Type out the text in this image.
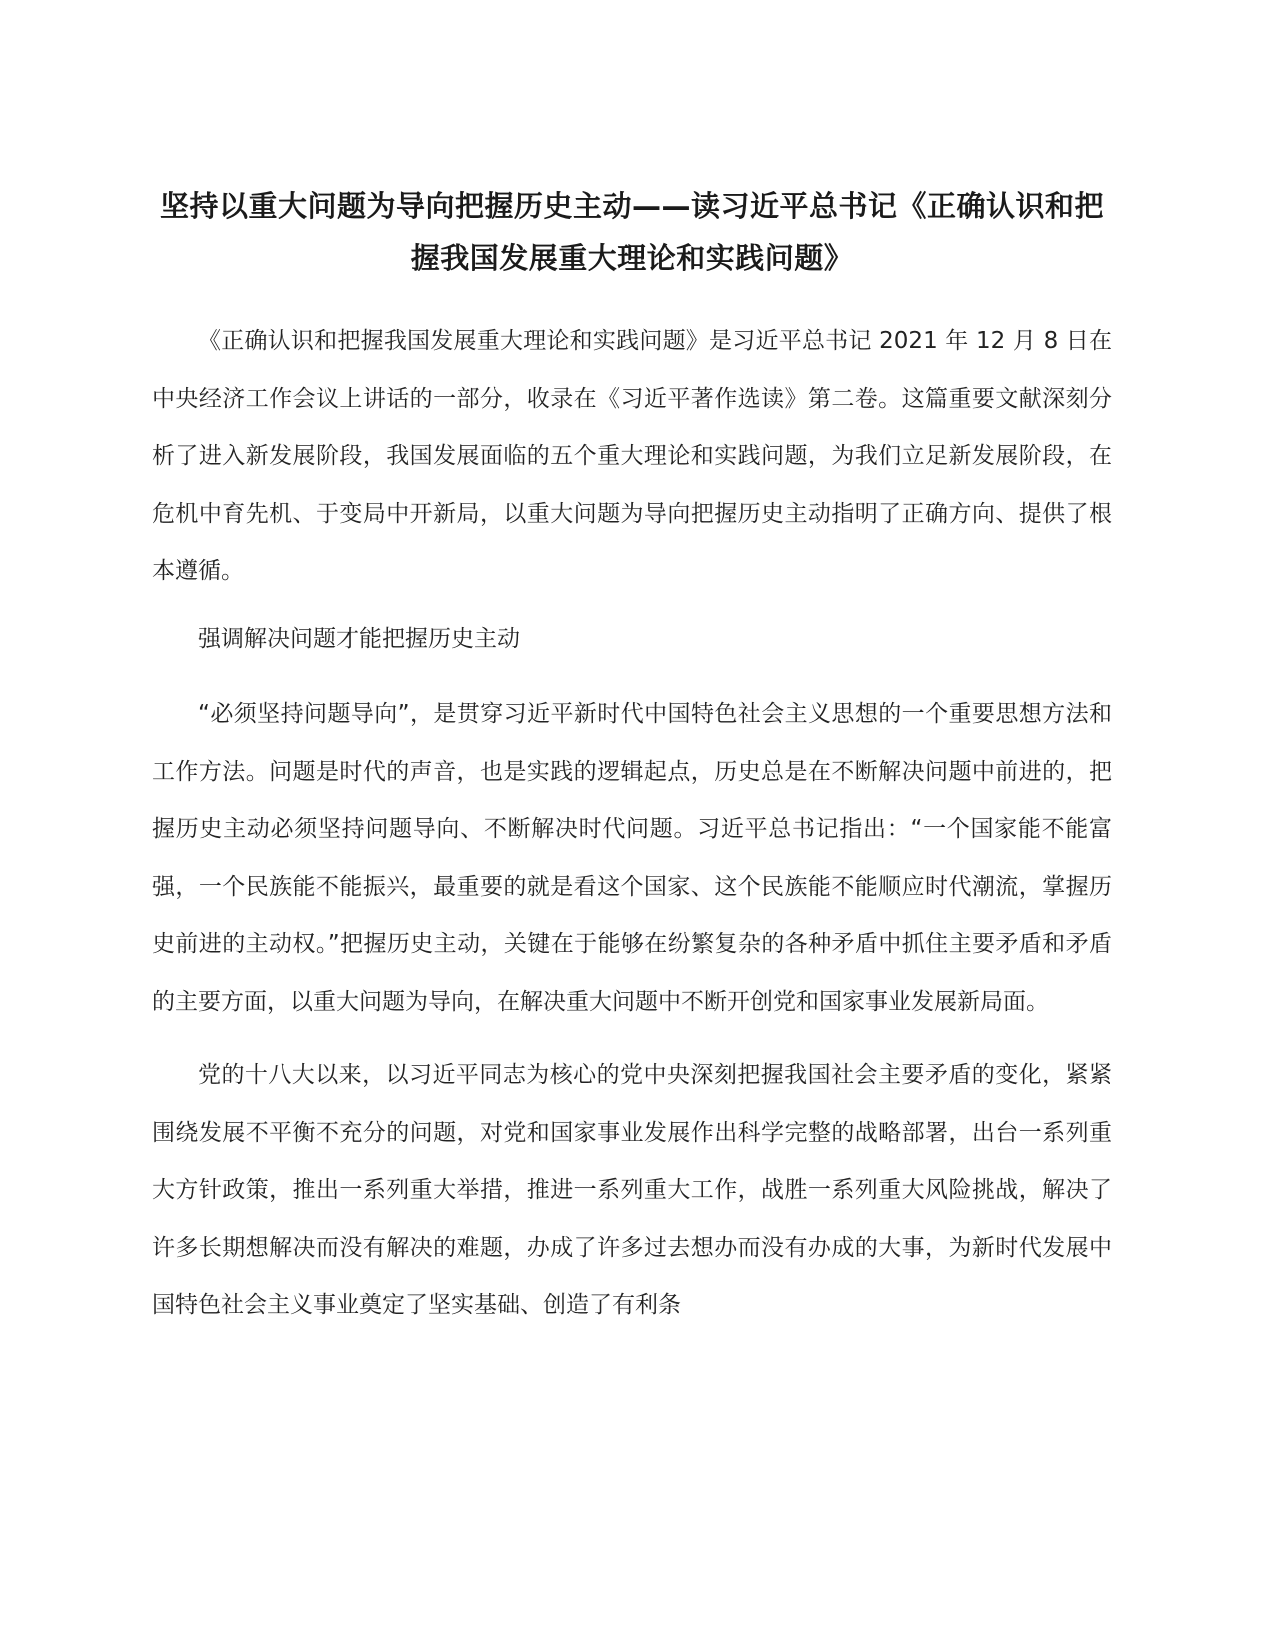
坚持以重大问题为导向把握历史主动——读习近平总书记《正确认识和把握我国发展重大理论和实践问题》

《正确认识和把握我国发展重大理论和实践问题》是习近平总书记 2021 年 12 月 8 日在中央经济工作会议上讲话的一部分，收录在《习近平著作选读》第二卷。这篇重要文献深刻分析了进入新发展阶段，我国发展面临的五个重大理论和实践问题，为我们立足新发展阶段，在危机中育先机、于变局中开新局，以重大问题为导向把握历史主动指明了正确方向、提供了根本遵循。

强调解决问题才能把握历史主动

“必须坚持问题导向”，是贯穿习近平新时代中国特色社会主义思想的一个重要思想方法和工作方法。问题是时代的声音，也是实践的逻辑起点，历史总是在不断解决问题中前进的，把握历史主动必须坚持问题导向、不断解决时代问题。习近平总书记指出：“一个国家能不能富强，一个民族能不能振兴，最重要的就是看这个国家、这个民族能不能顺应时代潮流，掌握历史前进的主动权。”把握历史主动，关键在于能够在纷繁复杂的各种矛盾中抓住主要矛盾和矛盾的主要方面，以重大问题为导向，在解决重大问题中不断开创党和国家事业发展新局面。

党的十八大以来，以习近平同志为核心的党中央深刻把握我国社会主要矛盾的变化，紧紧围绕发展不平衡不充分的问题，对党和国家事业发展作出科学完整的战略部署，出台一系列重大方针政策，推出一系列重大举措，推进一系列重大工作，战胜一系列重大风险挑战，解决了许多长期想解决而没有解决的难题，办成了许多过去想办而没有办成的大事，为新时代发展中国特色社会主义事业奠定了坚实基础、创造了有利条
